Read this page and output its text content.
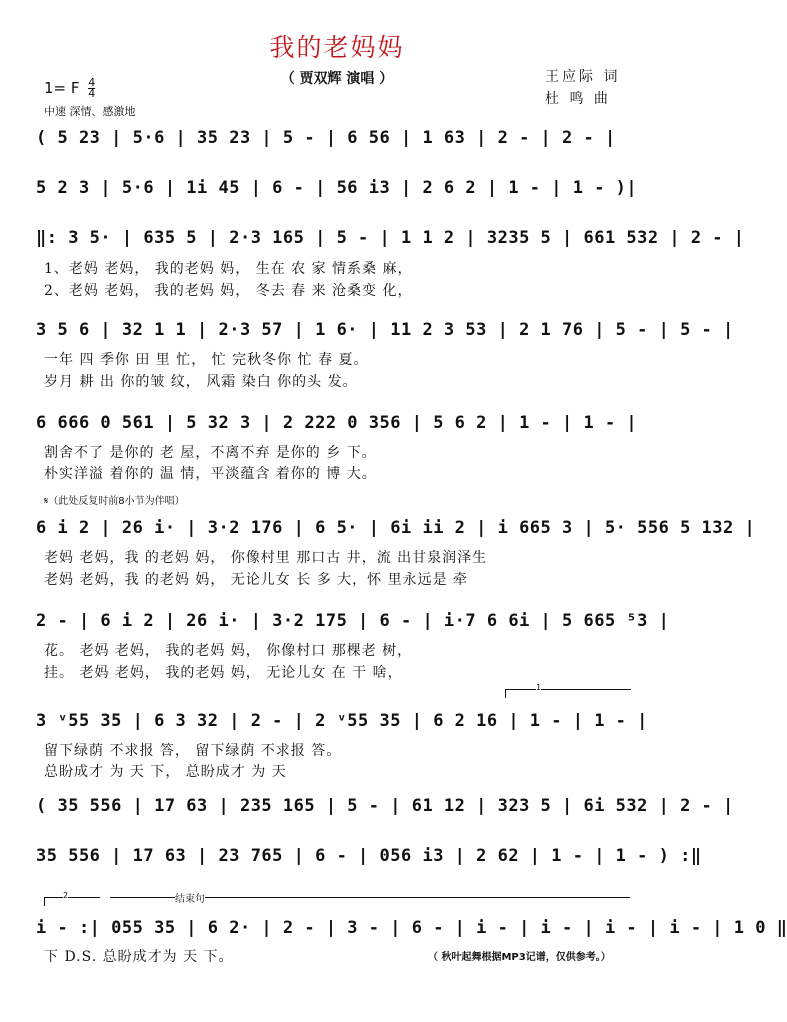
我的老妈妈
（ 贾双辉 演唱 ）	王应际 词
杜 鸣 曲
1= F $\frac{4}{4}$
中速 深情、感激地
( 5 23 | 5·6 | 35 23 | 5 - | 6 56 | 1 63 | 2 - | 2 - |
5 2 3 | 5·6 | 1i 45 | 6 - | 56 i3 | 2 6 2 | 1 - | 1 - )|
‖: 3 5· | 635 5 | 2·3 165 | 5 - | 1 1 2 | 3235 5 | 661 532 | 2 - |
1、老妈 老妈， 我的老妈 妈， 生在 农 家 情系桑 麻，
2、老妈 老妈， 我的老妈 妈， 冬去 春 来 沧桑变 化，
3 5 6 | 32 1 1 | 2·3 57 | 1 6· | 11 2 3 53 | 2 1 76 | 5 - | 5 - |
一年 四 季你 田 里 忙， 忙 完秋冬你 忙 春 夏。
岁月 耕 出 你的皱 纹， 风霜 染白 你的头 发。
6 666 0 561 | 5 32 3 | 2 222 0 356 | 5 6 2 | 1 - | 1 - |
割舍不了 是你的 老 屋，不离不弃 是你的 乡 下。
朴实洋溢 着你的 温 情，平淡蕴含 着你的 博 大。
𝄋（此处反复时前8小节为伴唱）
6 i 2 | 26 i· | 3·2 176 | 6 5· | 6i ii 2 | i 665 3 | 5· 556 5 132 |
老妈 老妈，我 的老妈 妈， 你像村里 那口古 井，流 出甘泉润泽生
老妈 老妈，我 的老妈 妈， 无论儿女 长 多 大，怀 里永远是 牵
2 - | 6 i 2 | 26 i· | 3·2 175 | 6 - | i·7 6 6i | 5 665 ⁵3 |
花。 老妈 老妈， 我的老妈 妈， 你像村口 那棵老 树，
挂。 老妈 老妈， 我的老妈 妈， 无论儿女 在 干 啥，
1
3 ᵛ55 35 | 6 3 32 | 2 - | 2 ᵛ55 35 | 6 2 16 | 1 - | 1 - |
留下绿荫 不求报 答， 留下绿荫 不求报 答。
总盼成才 为 天 下， 总盼成才 为 天
( 35 556 | 17 63 | 235 165 | 5 - | 61 12 | 323 5 | 6i 532 | 2 - |
35 556 | 17 63 | 23 765 | 6 - | 056 i3 | 2 62 | 1 - | 1 - ) :‖
2	结束句
i - :| 055 35 | 6 2· | 2 - | 3 - | 6 - | i - | i - | i - | i - | 1 0 ‖
下 D.S. 总盼成才为 天 下。	（ 秋叶起舞根据MP3记谱，仅供参考。）
